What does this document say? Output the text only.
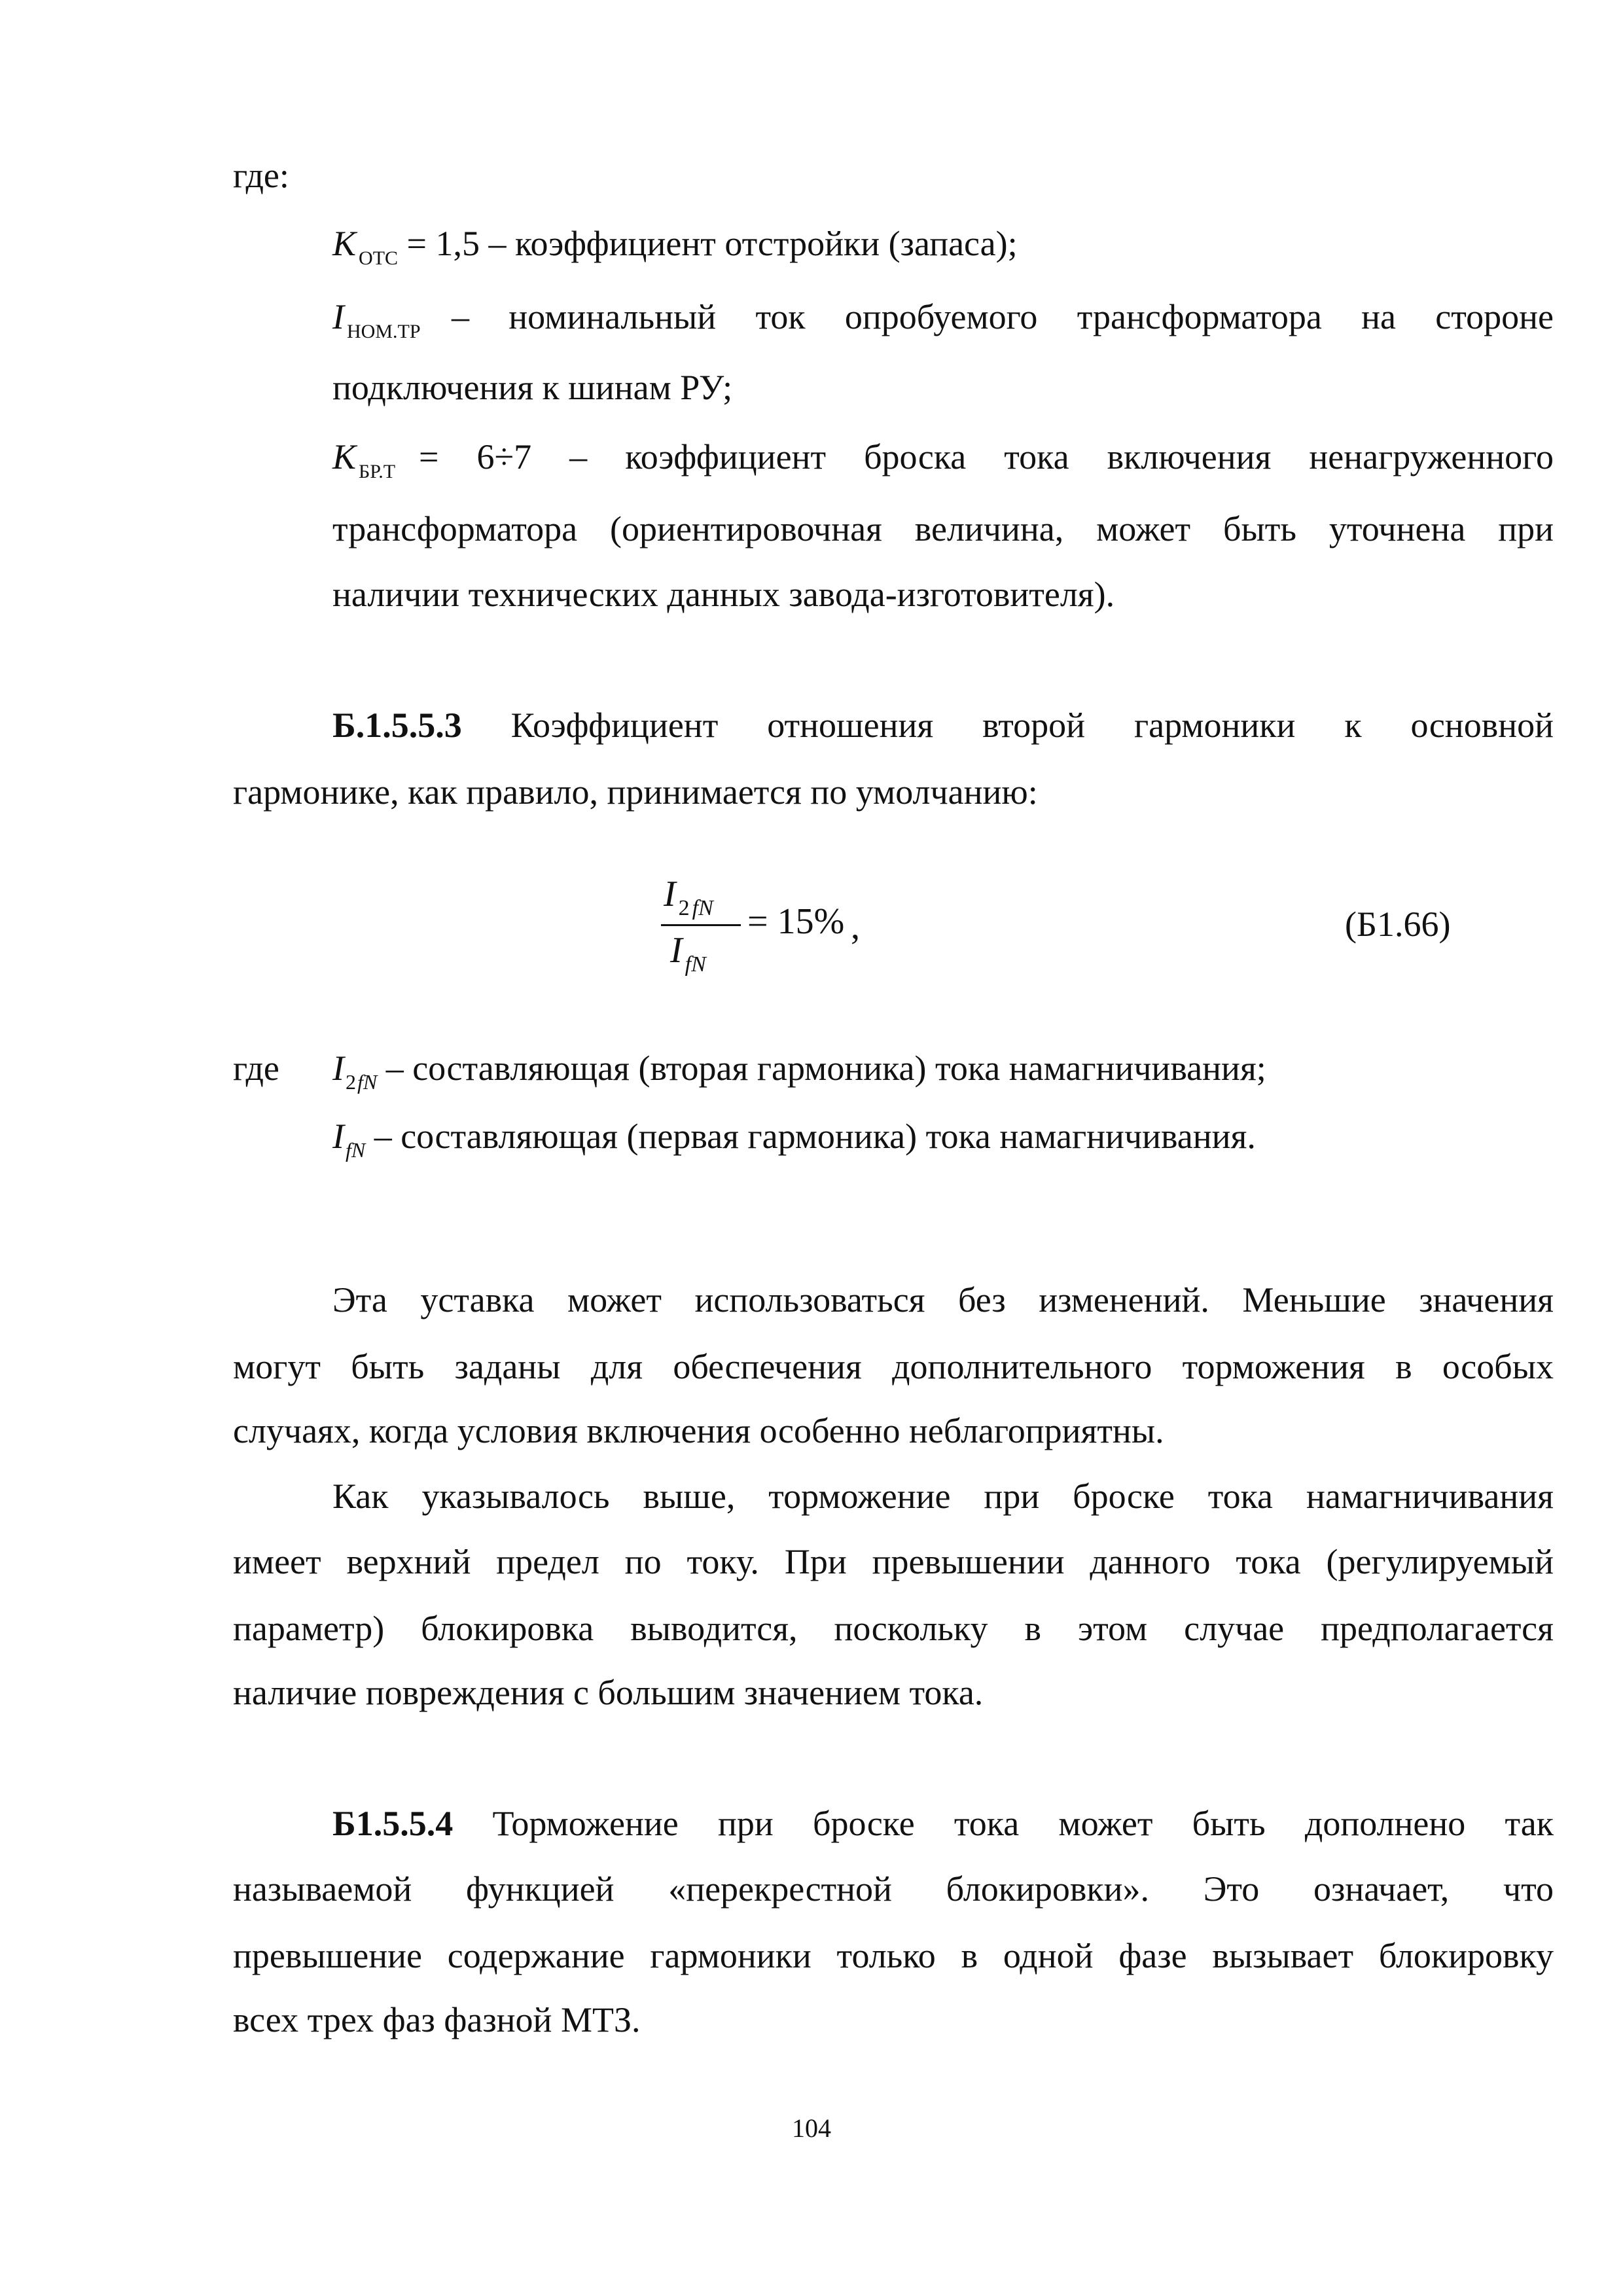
где:
K $_{ОТС}$ = 1,5 – коэффициент отстройки (запаса);
I $_{НОМ.ТР}$ – номинальный ток опробуемого трансформатора на стороне
подключения к шинам РУ;
K $_{БР.Т}$ = 6÷7 – коэффициент броска тока включения ненагруженного
трансформатора (ориентировочная величина, может быть уточнена при
наличии технических данных завода-изготовителя).
Б.1.5.5.3 Коэффициент отношения второй гармоники к основной
гармонике, как правило, принимается по умолчанию:
I $_2$ $_{fN}$
I $_{fN}$
= 15% ,	(Б1.66)
где $I_{2fN}$ – составляющая (вторая гармоника) тока намагничивания;
$I_{fN}$ – составляющая (первая гармоника) тока намагничивания.
Эта уставка может использоваться без изменений. Меньшие значения
могут быть заданы для обеспечения дополнительного торможения в особых
случаях, когда условия включения особенно неблагоприятны.
Как указывалось выше, торможение при броске тока намагничивания
имеет верхний предел по току. При превышении данного тока (регулируемый
параметр) блокировка выводится, поскольку в этом случае предполагается
наличие повреждения с большим значением тока.
Б1.5.5.4 Торможение при броске тока может быть дополнено так
называемой функцией «перекрестной блокировки». Это означает, что
превышение содержание гармоники только в одной фазе вызывает блокировку
всех трех фаз фазной МТЗ.
104
